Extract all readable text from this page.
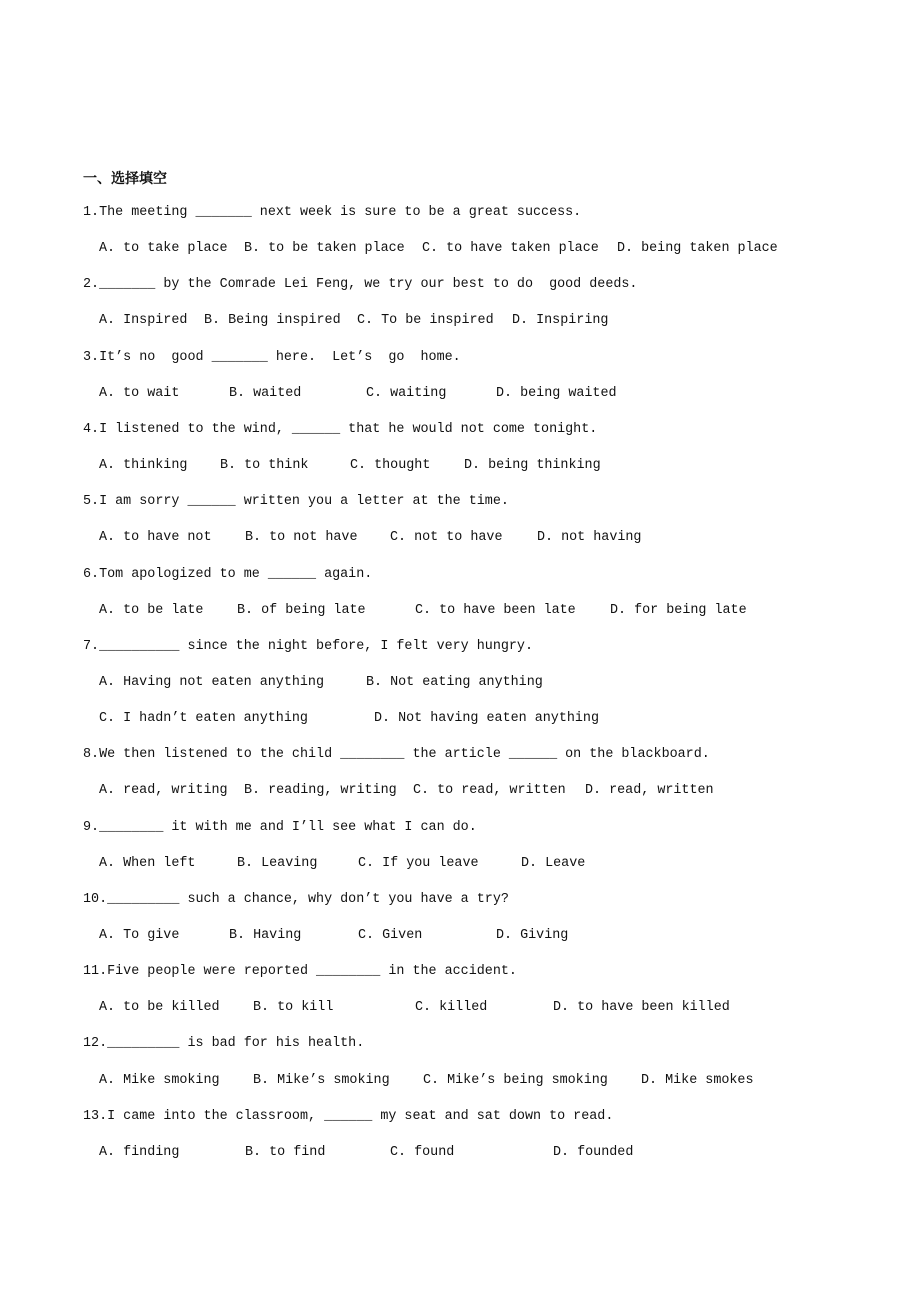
一、选择填空
1.The meeting _______ next week is sure to be a great success.
A. to take place B. to be taken place C. to have taken place D. being taken place
2._______ by the Comrade Lei Feng, we try our best to do  good deeds.
A. Inspired B. Being inspired C. To be inspired D. Inspiring
3.It’s no  good _______ here.  Let’s  go  home.
A. to wait	B. waited	C. waiting	D. being waited
4.I listened to the wind, ______ that he would not come tonight.
A. thinking B. to think	C. thought	D. being thinking
5.I am sorry ______ written you a letter at the time.
A. to have not	B. to not have C. not to have	D. not having
6.Tom apologized to me ______ again.
A. to be late	B. of being late	C. to have been late	D. for being late
7.__________ since the night before, I felt very hungry.
A. Having not eaten anything	B. Not eating anything
C. I hadn’t eaten anything	D. Not having eaten anything
8.We then listened to the child ________ the article ______ on the blackboard.
A. read, writing B. reading, writing C. to read, written D. read, written
9.________ it with me and I’ll see what I can do.
A. When left	B. Leaving	C. If you leave	D. Leave
10._________ such a chance, why don’t you have a try?
A. To give	B. Having	C. Given	D. Giving
11.Five people were reported ________ in the accident.
A. to be killed B. to kill	C. killed	D. to have been killed
12._________ is bad for his health.
A. Mike smoking B. Mike’s smoking C. Mike’s being smoking D. Mike smokes
13.I came into the classroom, ______ my seat and sat down to read.
A. finding	B. to find	C. found	D. founded
